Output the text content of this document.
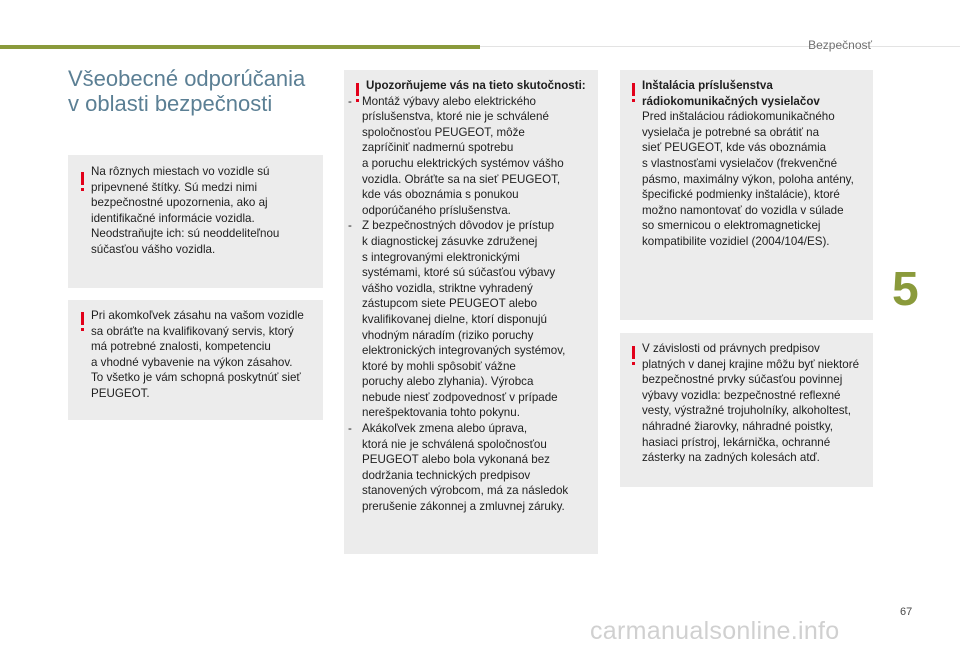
Bezpečnosť
Všeobecné odporúčania
v oblasti bezpečnosti
Na rôznych miestach vo vozidle sú
pripevnené štítky. Sú medzi nimi
bezpečnostné upozornenia, ako aj
identifikačné informácie vozidla.
Neodstraňujte ich: sú neoddeliteľnou
súčasťou vášho vozidla.
Pri akomkoľvek zásahu na vašom vozidle
sa obráťte na kvalifikovaný servis, ktorý
má potrebné znalosti, kompetenciu
a vhodné vybavenie na výkon zásahov.
To všetko je vám schopná poskytnúť sieť
PEUGEOT.
Upozorňujeme vás na tieto skutočnosti:
- Montáž výbavy alebo elektrického
príslušenstva, ktoré nie je schválené
spoločnosťou PEUGEOT, môže
zapríčiniť nadmernú spotrebu
a poruchu elektrických systémov vášho
vozidla. Obráťte sa na sieť PEUGEOT,
kde vás oboznámia s ponukou
odporúčaného príslušenstva.
- Z bezpečnostných dôvodov je prístup
k diagnostickej zásuvke združenej
s integrovanými elektronickými
systémami, ktoré sú súčasťou výbavy
vášho vozidla, striktne vyhradený
zástupcom siete PEUGEOT alebo
kvalifikovanej dielne, ktorí disponujú
vhodným náradím (riziko poruchy
elektronických integrovaných systémov,
ktoré by mohli spôsobiť vážne
poruchy alebo zlyhania). Výrobca
nebude niesť zodpovednosť v prípade
nerešpektovania tohto pokynu.
- Akákoľvek zmena alebo úprava,
ktorá nie je schválená spoločnosťou
PEUGEOT alebo bola vykonaná bez
dodržania technických predpisov
stanovených výrobcom, má za následok
prerušenie zákonnej a zmluvnej záruky.
Inštalácia príslušenstva
rádiokomunikačných vysielačov
Pred inštaláciou rádiokomunikačného
vysielača je potrebné sa obrátiť na
sieť PEUGEOT, kde vás oboznámia
s vlastnosťami vysielačov (frekvenčné
pásmo, maximálny výkon, poloha antény,
špecifické podmienky inštalácie), ktoré
možno namontovať do vozidla v súlade
so smernicou o elektromagnetickej
kompatibilite vozidiel (2004/104/ES).
V závislosti od právnych predpisov
platných v danej krajine môžu byť niektoré
bezpečnostné prvky súčasťou povinnej
výbavy vozidla: bezpečnostné reflexné
vesty, výstražné trojuholníky, alkoholtest,
náhradné žiarovky, náhradné poistky,
hasiaci prístroj, lekárnička, ochranné
zásterky na zadných kolesách atď.
5
67
carmanualsonline.info
